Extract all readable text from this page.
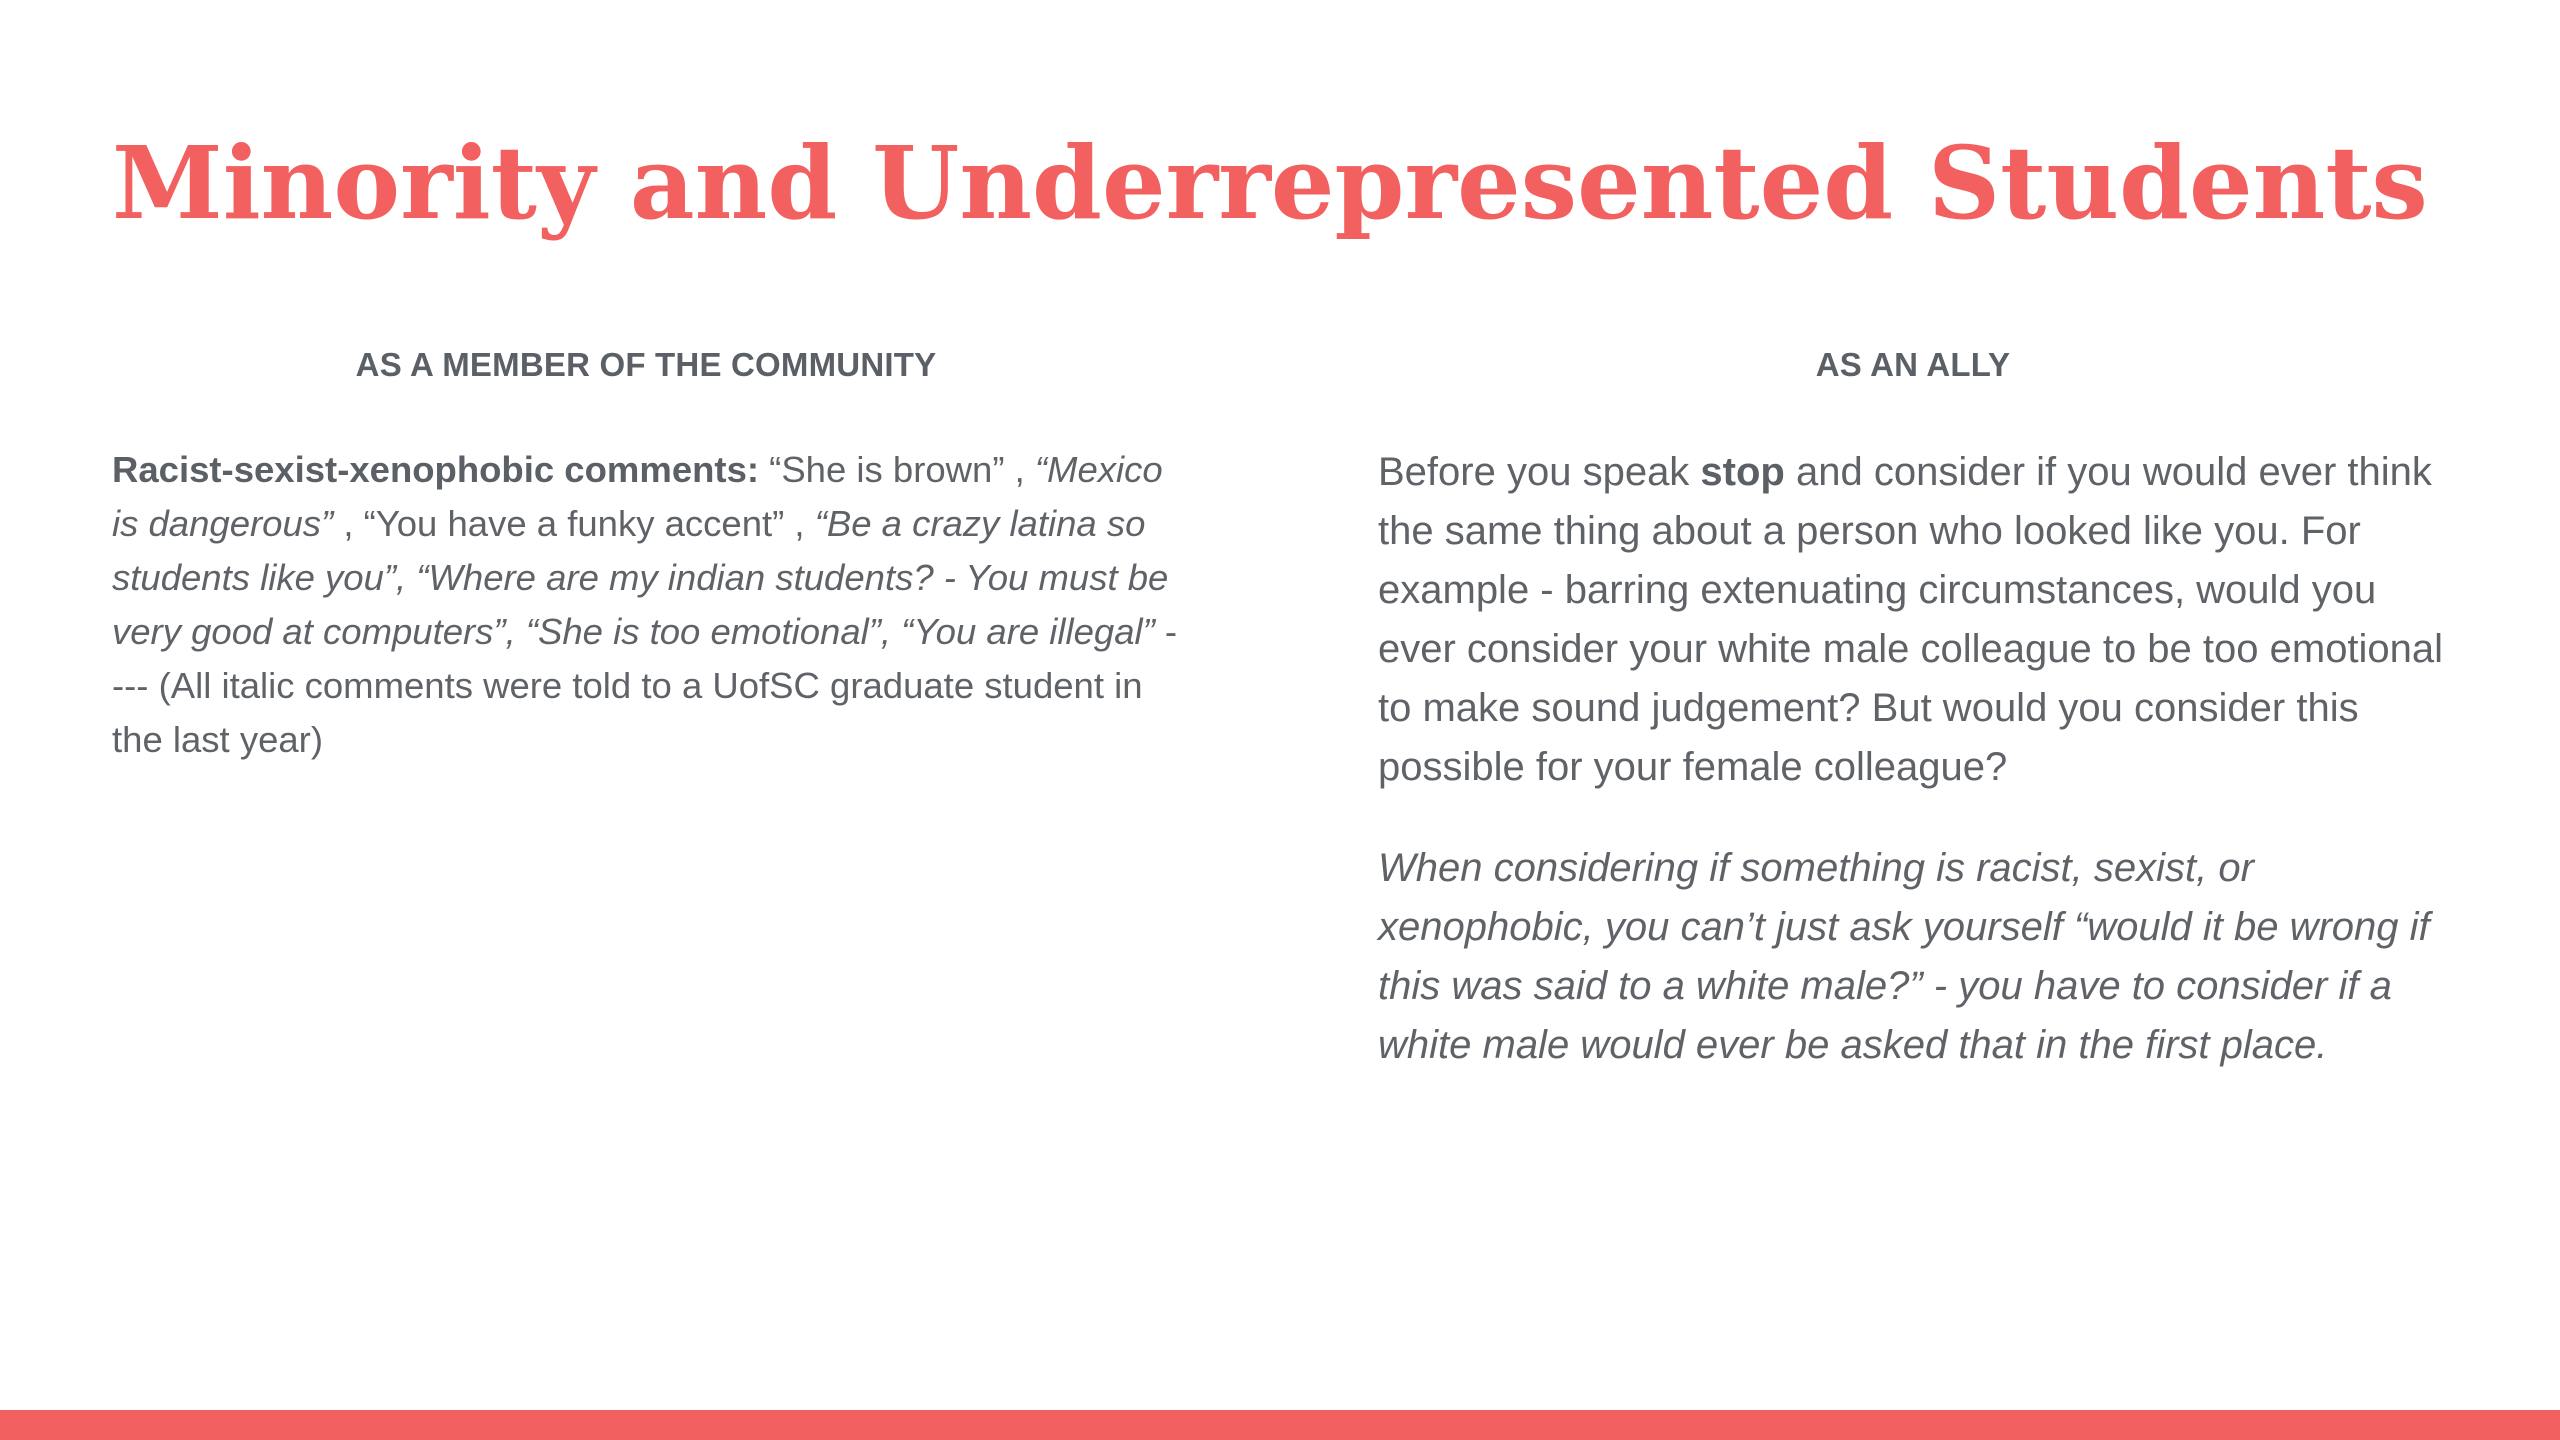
Minority and Underrepresented Students
AS A MEMBER OF THE COMMUNITY

Racist-sexist-xenophobic comments: “She is brown” , “Mexico is dangerous” , “You have a funky accent” , “Be a crazy latina so students like you”, “Where are my indian students? - You must be very good at computers”, “She is too emotional”, “You are illegal” ---- (All italic comments were told to a UofSC graduate student in the last year)

AS AN ALLY

Before you speak stop and consider if you would ever think the same thing about a person who looked like you. For example - barring extenuating circumstances, would you ever consider your white male colleague to be too emotional to make sound judgement? But would you consider this possible for your female colleague?

When considering if something is racist, sexist, or xenophobic, you can’t just ask yourself “would it be wrong if this was said to a white male?” - you have to consider if a white male would ever be asked that in the first place.
